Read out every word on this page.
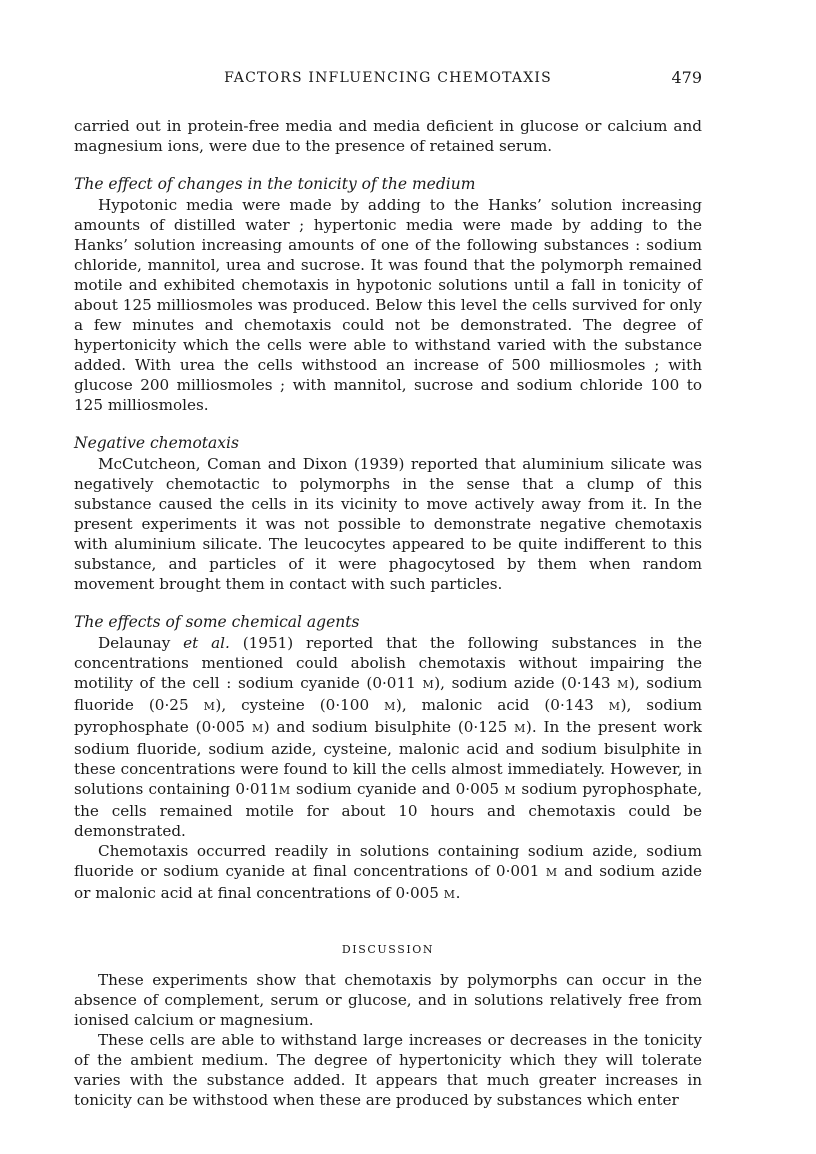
FACTORS INFLUENCING CHEMOTAXIS	479

carried out in protein-free media and media deficient in glucose or calcium and magnesium ions, were due to the presence of retained serum.

The effect of changes in the tonicity of the medium

Hypotonic media were made by adding to the Hanks’ solution increasing amounts of distilled water ; hypertonic media were made by adding to the Hanks’ solution increasing amounts of one of the following substances : sodium chloride, mannitol, urea and sucrose. It was found that the polymorph remained motile and exhibited chemotaxis in hypotonic solutions until a fall in tonicity of about 125 milliosmoles was produced. Below this level the cells survived for only a few minutes and chemotaxis could not be demonstrated. The degree of hypertonicity which the cells were able to withstand varied with the substance added. With urea the cells withstood an increase of 500 milliosmoles ; with glucose 200 milliosmoles ; with mannitol, sucrose and sodium chloride 100 to 125 milliosmoles.

Negative chemotaxis

McCutcheon, Coman and Dixon (1939) reported that aluminium silicate was negatively chemotactic to polymorphs in the sense that a clump of this substance caused the cells in its vicinity to move actively away from it. In the present experiments it was not possible to demonstrate negative chemotaxis with aluminium silicate. The leucocytes appeared to be quite indifferent to this substance, and particles of it were phagocytosed by them when random movement brought them in contact with such particles.

The effects of some chemical agents

Delaunay et al. (1951) reported that the following substances in the concentrations mentioned could abolish chemotaxis without impairing the motility of the cell : sodium cyanide (0·011 M), sodium azide (0·143 M), sodium fluoride (0·25 M), cysteine (0·100 M), malonic acid (0·143 M), sodium pyrophosphate (0·005 M) and sodium bisulphite (0·125 M). In the present work sodium fluoride, sodium azide, cysteine, malonic acid and sodium bisulphite in these concentrations were found to kill the cells almost immediately. However, in solutions containing 0·011M sodium cyanide and 0·005 M sodium pyrophosphate, the cells remained motile for about 10 hours and chemotaxis could be demonstrated.

Chemotaxis occurred readily in solutions containing sodium azide, sodium fluoride or sodium cyanide at final concentrations of 0·001 M and sodium azide or malonic acid at final concentrations of 0·005 M.

DISCUSSION

These experiments show that chemotaxis by polymorphs can occur in the absence of complement, serum or glucose, and in solutions relatively free from ionised calcium or magnesium.

These cells are able to withstand large increases or decreases in the tonicity of the ambient medium. The degree of hypertonicity which they will tolerate varies with the substance added. It appears that much greater increases in tonicity can be withstood when these are produced by substances which enter
